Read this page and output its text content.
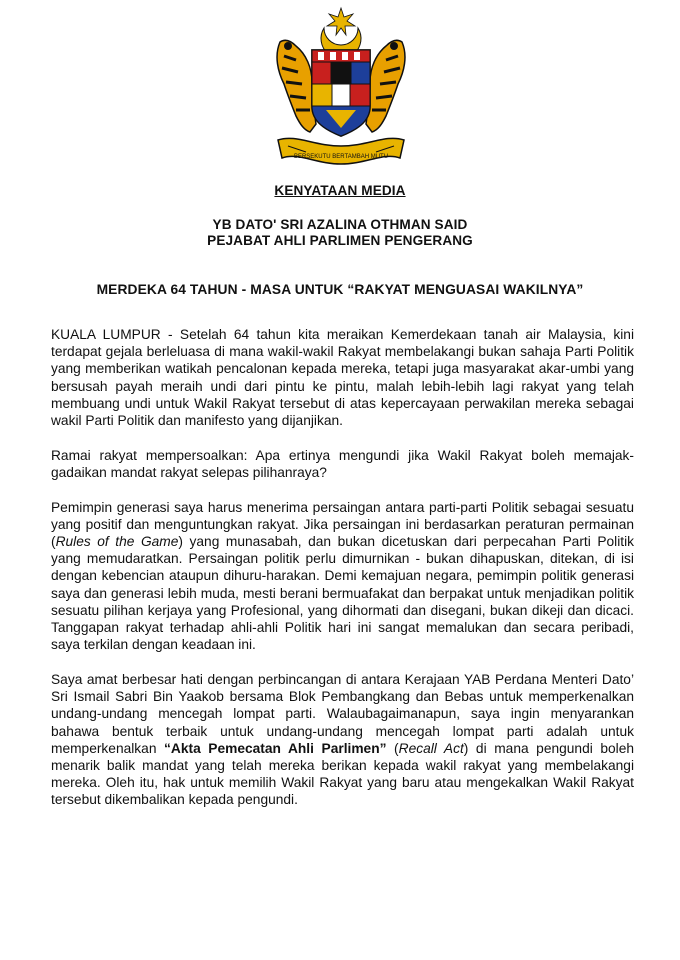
BERSEKUTU BERTAMBAH MUTU
KENYATAAN MEDIA
YB DATO' SRI AZALINA OTHMAN SAID
PEJABAT AHLI PARLIMEN PENGERANG
MERDEKA 64 TAHUN - MASA UNTUK “RAKYAT MENGUASAI WAKILNYA”

KUALA LUMPUR - Setelah 64 tahun kita meraikan Kemerdekaan tanah air Malaysia, kini terdapat gejala berleluasa di mana wakil-wakil Rakyat membelakangi bukan sahaja Parti Politik yang memberikan watikah pencalonan kepada mereka, tetapi juga masyarakat akar-umbi yang bersusah payah meraih undi dari pintu ke pintu, malah lebih-lebih lagi rakyat yang telah membuang undi untuk Wakil Rakyat tersebut di atas kepercayaan perwakilan mereka sebagai wakil Parti Politik dan manifesto yang dijanjikan.

Ramai rakyat mempersoalkan: Apa ertinya mengundi jika Wakil Rakyat boleh memajak-gadaikan mandat rakyat selepas pilihanraya?

Pemimpin generasi saya harus menerima persaingan antara parti-parti Politik sebagai sesuatu yang positif dan menguntungkan rakyat. Jika persaingan ini berdasarkan peraturan permainan (Rules of the Game) yang munasabah, dan bukan dicetuskan dari perpecahan Parti Politik yang memudaratkan. Persaingan politik perlu dimurnikan - bukan dihapuskan, ditekan, di isi dengan kebencian ataupun dihuru-harakan. Demi kemajuan negara, pemimpin politik generasi saya dan generasi lebih muda, mesti berani bermuafakat dan berpakat untuk menjadikan politik sesuatu pilihan kerjaya yang Profesional, yang dihormati dan disegani, bukan dikeji dan dicaci. Tanggapan rakyat terhadap ahli-ahli Politik hari ini sangat memalukan dan secara peribadi, saya terkilan dengan keadaan ini.

Saya amat berbesar hati dengan perbincangan di antara Kerajaan YAB Perdana Menteri Dato’ Sri Ismail Sabri Bin Yaakob bersama Blok Pembangkang dan Bebas untuk memperkenalkan undang-undang mencegah lompat parti. Walaubagaimanapun, saya ingin menyarankan bahawa bentuk terbaik untuk undang-undang mencegah lompat parti adalah untuk memperkenalkan “Akta Pemecatan Ahli Parlimen” (Recall Act) di mana pengundi boleh menarik balik mandat yang telah mereka berikan kepada wakil rakyat yang membelakangi mereka. Oleh itu, hak untuk memilih Wakil Rakyat yang baru atau mengekalkan Wakil Rakyat tersebut dikembalikan kepada pengundi.
